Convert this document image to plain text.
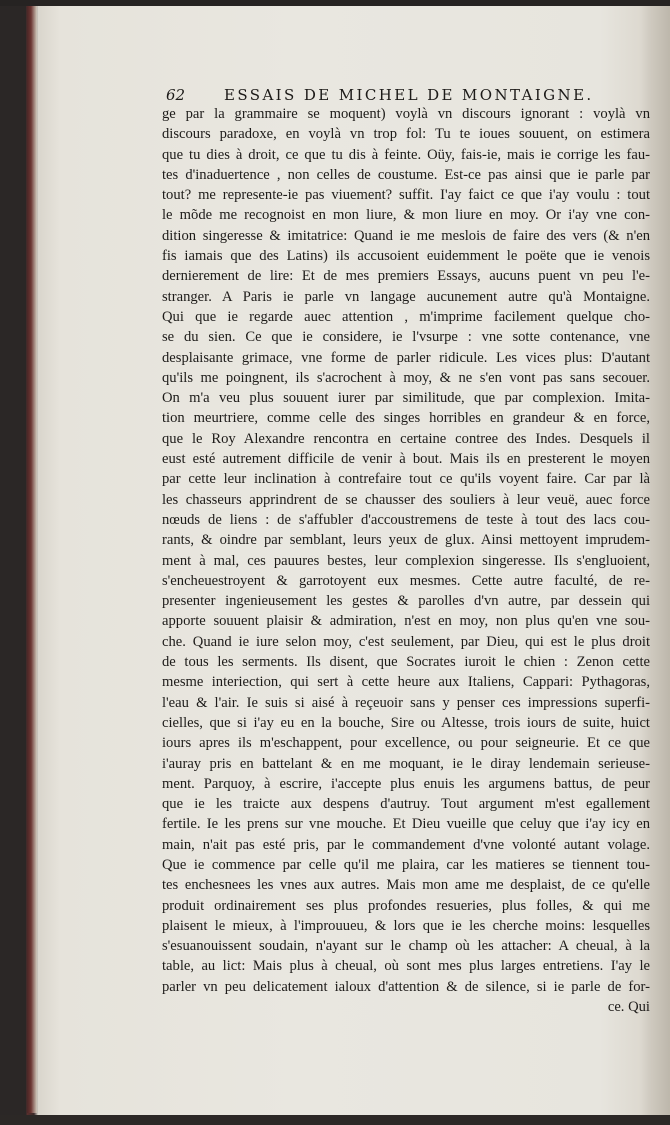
62	ESSAIS DE MICHEL DE MONTAIGNE.
ge par la grammaire se moquent) voylà vn discours ignorant : voylà vn
discours paradoxe, en voylà vn trop fol: Tu te ioues souuent, on estimera
que tu dies à droit, ce que tu dis à feinte. Oüy, fais-ie, mais ie corrige les fau-
tes d'inaduertence , non celles de coustume. Est-ce pas ainsi que ie parle par
tout? me represente-ie pas viuement? suffit. I'ay faict ce que i'ay voulu : tout
le mõde me recognoist en mon liure, & mon liure en moy. Or i'ay vne con-
dition singeresse & imitatrice: Quand ie me meslois de faire des vers (& n'en
fis iamais que des Latins) ils accusoient euidemment le poëte que ie venois
dernierement de lire: Et de mes premiers Essays, aucuns puent vn peu l'e-
stranger. A Paris ie parle vn langage aucunement autre qu'à Montaigne.
Qui que ie regarde auec attention , m'imprime facilement quelque cho-
se du sien. Ce que ie considere, ie l'vsurpe : vne sotte contenance, vne
desplaisante grimace, vne forme de parler ridicule. Les vices plus: D'autant
qu'ils me poingnent, ils s'acrochent à moy, & ne s'en vont pas sans secouer.
On m'a veu plus souuent iurer par similitude, que par complexion. Imita-
tion meurtriere, comme celle des singes horribles en grandeur & en force,
que le Roy Alexandre rencontra en certaine contree des Indes. Desquels il
eust esté autrement difficile de venir à bout. Mais ils en presterent le moyen
par cette leur inclination à contrefaire tout ce qu'ils voyent faire. Car par là
les chasseurs apprindrent de se chausser des souliers à leur veuë, auec force
nœuds de liens : de s'affubler d'accoustremens de teste à tout des lacs cou-
rants, & oindre par semblant, leurs yeux de glux. Ainsi mettoyent imprudem-
ment à mal, ces pauures bestes, leur complexion singeresse. Ils s'engluoient,
s'encheuestroyent & garrotoyent eux mesmes. Cette autre faculté, de re-
presenter ingenieusement les gestes & parolles d'vn autre, par dessein qui
apporte souuent plaisir & admiration, n'est en moy, non plus qu'en vne sou-
che. Quand ie iure selon moy, c'est seulement, par Dieu, qui est le plus droit
de tous les serments. Ils disent, que Socrates iuroit le chien : Zenon cette
mesme interiection, qui sert à cette heure aux Italiens, Cappari: Pythagoras,
l'eau & l'air. Ie suis si aisé à reçeuoir sans y penser ces impressions superfi-
cielles, que si i'ay eu en la bouche, Sire ou Altesse, trois iours de suite, huict
iours apres ils m'eschappent, pour excellence, ou pour seigneurie. Et ce que
i'auray pris en battelant & en me moquant, ie le diray lendemain serieuse-
ment. Parquoy, à escrire, i'accepte plus enuis les argumens battus, de peur
que ie les traicte aux despens d'autruy. Tout argument m'est egallement
fertile. Ie les prens sur vne mouche. Et Dieu vueille que celuy que i'ay icy en
main, n'ait pas esté pris, par le commandement d'vne volonté autant volage.
Que ie commence par celle qu'il me plaira, car les matieres se tiennent tou-
tes enchesnees les vnes aux autres. Mais mon ame me desplaist, de ce qu'elle
produit ordinairement ses plus profondes resueries, plus folles, & qui me
plaisent le mieux, à l'improuueu, & lors que ie les cherche moins: lesquelles
s'esuanouissent soudain, n'ayant sur le champ où les attacher: A cheual, à la
table, au lict: Mais plus à cheual, où sont mes plus larges entretiens. I'ay le
parler vn peu delicatement ialoux d'attention & de silence, si ie parle de for-
ce. Qui
